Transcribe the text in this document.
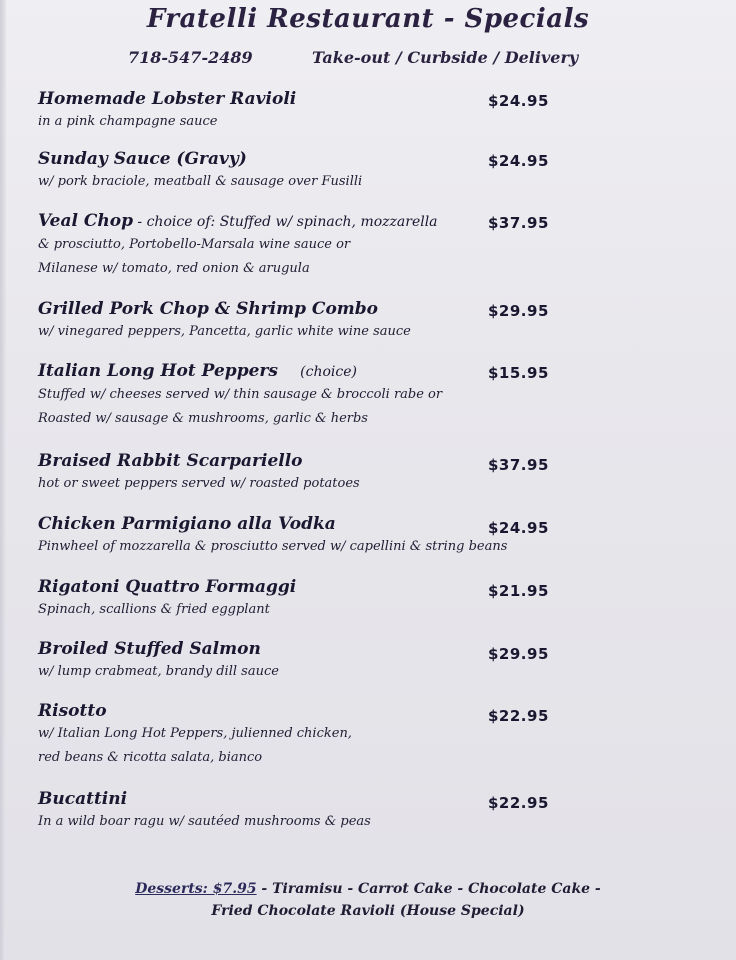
Fratelli Restaurant - Specials
718-547-2489	Take-out / Curbside / Delivery
Homemade Lobster Ravioli
in a pink champagne sauce
$24.95
Sunday Sauce (Gravy)
w/ pork braciole, meatball & sausage over Fusilli
$24.95
Veal Chop - choice of: Stuffed w/ spinach, mozzarella
& prosciutto, Portobello-Marsala wine sauce or
Milanese w/ tomato, red onion & arugula
$37.95
Grilled Pork Chop & Shrimp Combo
w/ vinegared peppers, Pancetta, garlic white wine sauce
$29.95
Italian Long Hot Peppers     (choice)
Stuffed w/ cheeses served w/ thin sausage & broccoli rabe or
Roasted w/ sausage & mushrooms, garlic & herbs
$15.95
Braised Rabbit Scarpariello
hot or sweet peppers served w/ roasted potatoes
$37.95
Chicken Parmigiano alla Vodka
Pinwheel of mozzarella & prosciutto served w/ capellini & string beans
$24.95
Rigatoni Quattro Formaggi
Spinach, scallions & fried eggplant
$21.95
Broiled Stuffed Salmon
w/ lump crabmeat, brandy dill sauce
$29.95
Risotto
w/ Italian Long Hot Peppers, julienned chicken,
red beans & ricotta salata, bianco
$22.95
Bucattini
In a wild boar ragu w/ sautéed mushrooms & peas
$22.95
Desserts: $7.95 - Tiramisu - Carrot Cake - Chocolate Cake -
Fried Chocolate Ravioli (House Special)
